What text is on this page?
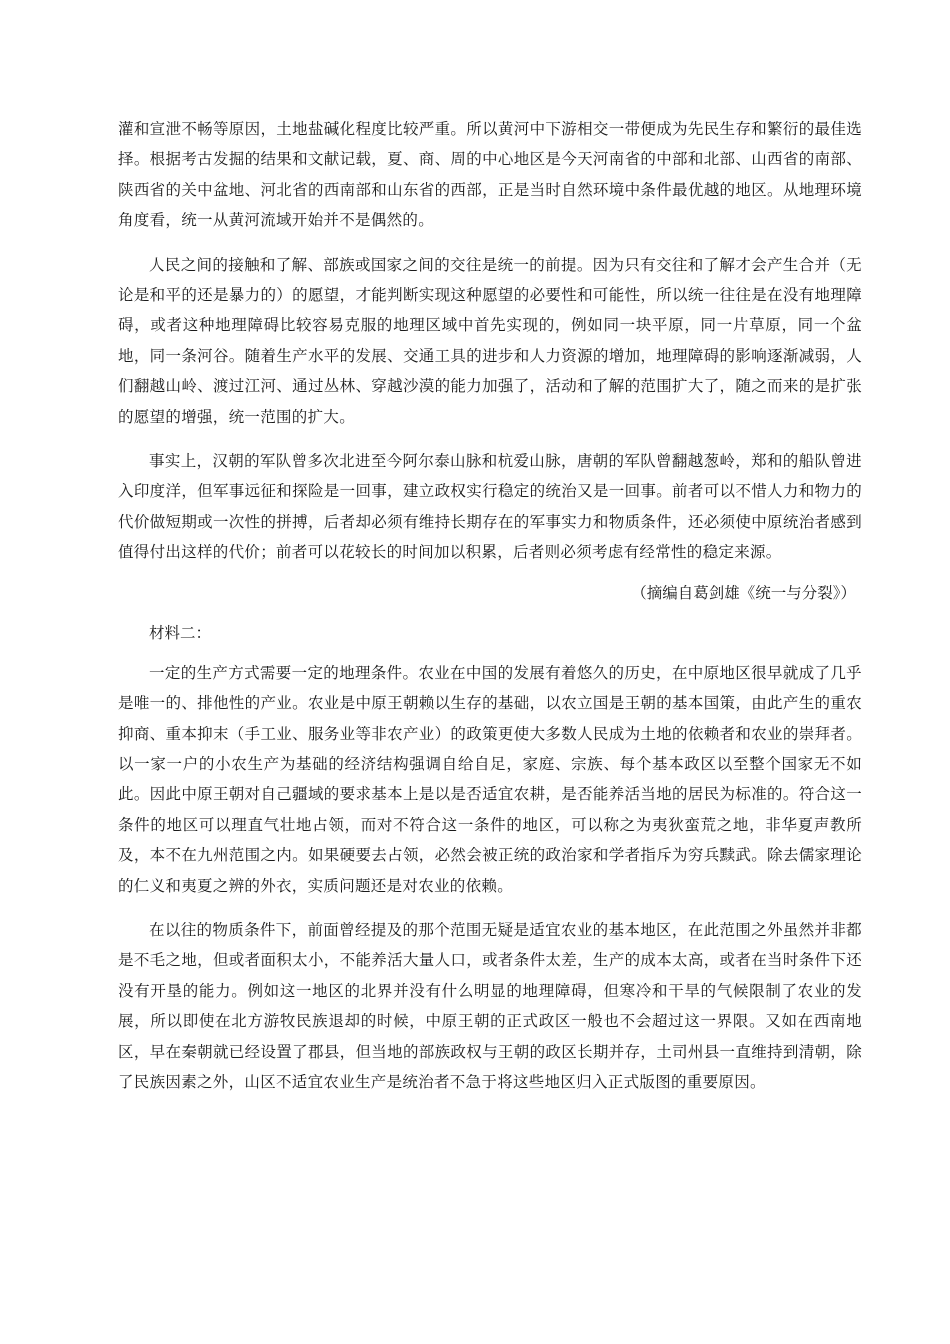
灌和宣泄不畅等原因，土地盐碱化程度比较严重。所以黄河中下游相交一带便成为先民生存和繁衍的最佳选择。根据考古发掘的结果和文献记载，夏、商、周的中心地区是今天河南省的中部和北部、山西省的南部、陕西省的关中盆地、河北省的西南部和山东省的西部，正是当时自然环境中条件最优越的地区。从地理环境角度看，统一从黄河流域开始并不是偶然的。

人民之间的接触和了解、部族或国家之间的交往是统一的前提。因为只有交往和了解才会产生合并（无论是和平的还是暴力的）的愿望，才能判断实现这种愿望的必要性和可能性，所以统一往往是在没有地理障碍，或者这种地理障碍比较容易克服的地理区域中首先实现的，例如同一块平原，同一片草原，同一个盆地，同一条河谷。随着生产水平的发展、交通工具的进步和人力资源的增加，地理障碍的影响逐渐减弱，人们翻越山岭、渡过江河、通过丛林、穿越沙漠的能力加强了，活动和了解的范围扩大了，随之而来的是扩张的愿望的增强，统一范围的扩大。

事实上，汉朝的军队曾多次北进至今阿尔泰山脉和杭爱山脉，唐朝的军队曾翻越葱岭，郑和的船队曾进入印度洋，但军事远征和探险是一回事，建立政权实行稳定的统治又是一回事。前者可以不惜人力和物力的代价做短期或一次性的拼搏，后者却必须有维持长期存在的军事实力和物质条件，还必须使中原统治者感到值得付出这样的代价；前者可以花较长的时间加以积累，后者则必须考虑有经常性的稳定来源。

（摘编自葛剑雄《统一与分裂》）

材料二：

一定的生产方式需要一定的地理条件。农业在中国的发展有着悠久的历史，在中原地区很早就成了几乎是唯一的、排他性的产业。农业是中原王朝赖以生存的基础，以农立国是王朝的基本国策，由此产生的重农抑商、重本抑末（手工业、服务业等非农产业）的政策更使大多数人民成为土地的依赖者和农业的崇拜者。以一家一户的小农生产为基础的经济结构强调自给自足，家庭、宗族、每个基本政区以至整个国家无不如此。因此中原王朝对自己疆域的要求基本上是以是否适宜农耕，是否能养活当地的居民为标准的。符合这一条件的地区可以理直气壮地占领，而对不符合这一条件的地区，可以称之为夷狄蛮荒之地，非华夏声教所及，本不在九州范围之内。如果硬要去占领，必然会被正统的政治家和学者指斥为穷兵黩武。除去儒家理论的仁义和夷夏之辨的外衣，实质问题还是对农业的依赖。

在以往的物质条件下，前面曾经提及的那个范围无疑是适宜农业的基本地区，在此范围之外虽然并非都是不毛之地，但或者面积太小，不能养活大量人口，或者条件太差，生产的成本太高，或者在当时条件下还没有开垦的能力。例如这一地区的北界并没有什么明显的地理障碍，但寒冷和干旱的气候限制了农业的发展，所以即使在北方游牧民族退却的时候，中原王朝的正式政区一般也不会超过这一界限。又如在西南地区，早在秦朝就已经设置了郡县，但当地的部族政权与王朝的政区长期并存，土司州县一直维持到清朝，除了民族因素之外，山区不适宜农业生产是统治者不急于将这些地区归入正式版图的重要原因。
